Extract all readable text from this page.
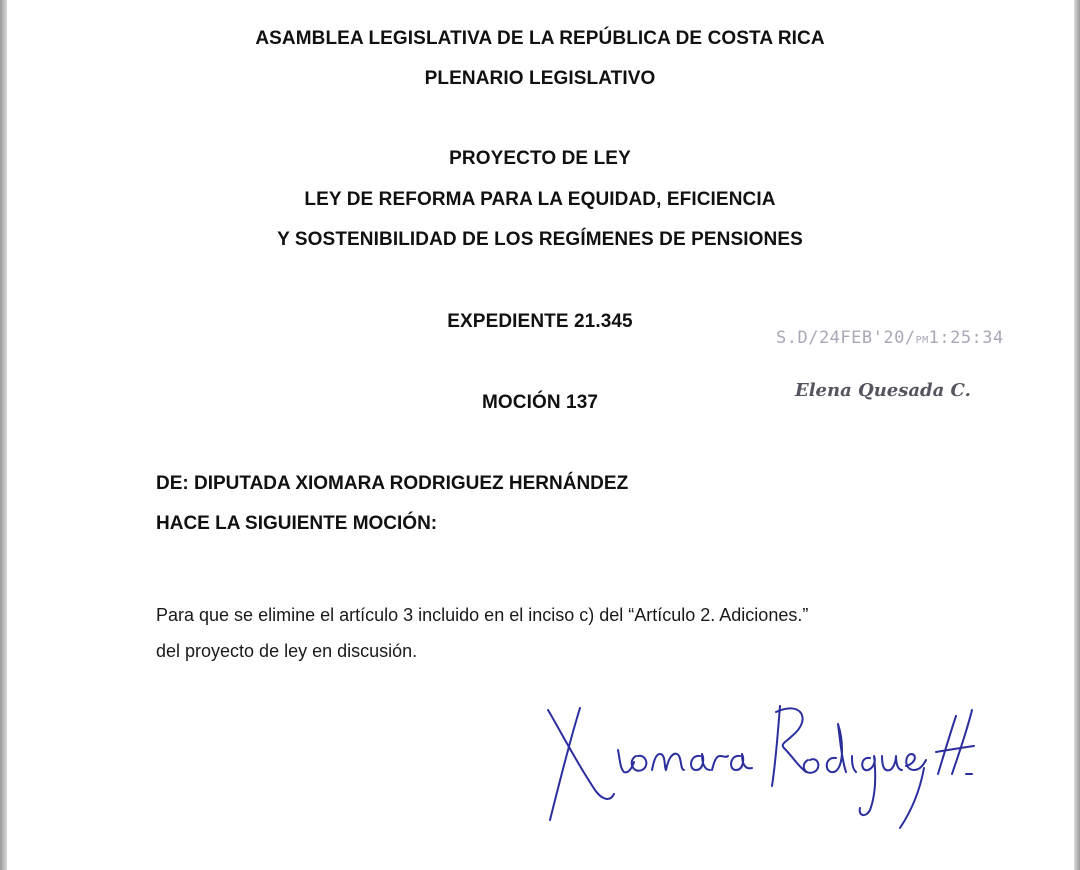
ASAMBLEA LEGISLATIVA DE LA REPÚBLICA DE COSTA RICA
PLENARIO LEGISLATIVO
PROYECTO DE LEY
LEY DE REFORMA PARA LA EQUIDAD, EFICIENCIA
Y SOSTENIBILIDAD DE LOS REGÍMENES DE PENSIONES
EXPEDIENTE 21.345
S.D/24FEB'20/PM1:25:34
Elena Quesada C.
MOCIÓN 137
DE: DIPUTADA XIOMARA RODRIGUEZ HERNÁNDEZ
HACE LA SIGUIENTE MOCIÓN:
Para que se elimine el artículo 3 incluido en el inciso c) del “Artículo 2. Adiciones.”
del proyecto de ley en discusión.
